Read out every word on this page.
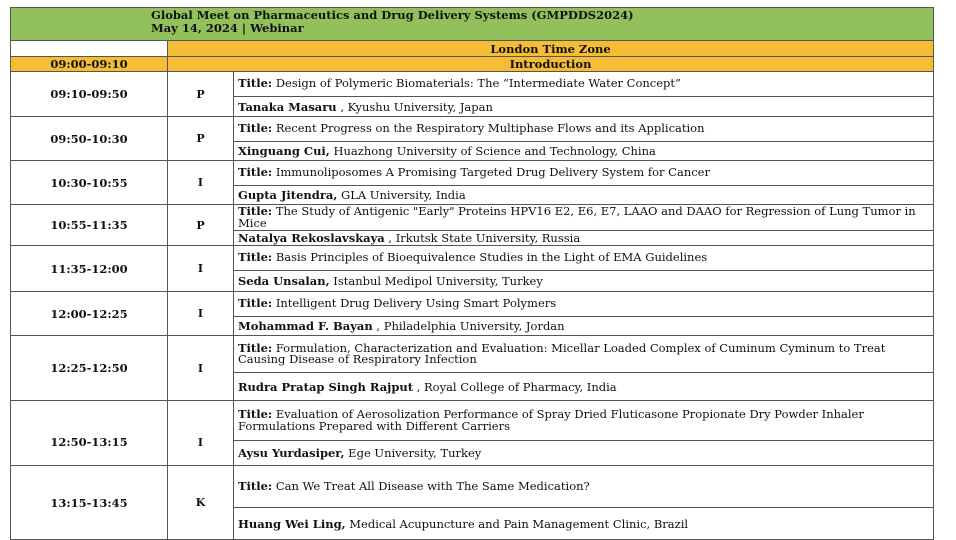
Global Meet on Pharmaceutics and Drug Delivery Systems (GMPDDS2024)
May 14, 2024 | Webinar		

	London Time Zone	
09:00-09:10	Introduction	
09:10-09:50	P	Title: Design of Polymeric Biomaterials: The “Intermediate Water Concept”
		Tanaka Masaru , Kyushu University, Japan
09:50-10:30	P	Title: Recent Progress on the Respiratory Multiphase Flows and its Application
		Xinguang Cui, Huazhong University of Science and Technology, China
10:30-10:55	I	Title: Immunoliposomes A Promising Targeted Drug Delivery System for Cancer
		Gupta Jitendra, GLA University, India
10:55-11:35	P	Title: The Study of Antigenic "Early" Proteins HPV16 E2, E6, E7, LAAO and DAAO for Regression of Lung Tumor in Mice
		Natalya Rekoslavskaya , Irkutsk State University, Russia
11:35-12:00	I	Title: Basis Principles of Bioequivalence Studies in the Light of EMA Guidelines
		Seda Unsalan, Istanbul Medipol University, Turkey
12:00-12:25	I	Title: Intelligent Drug Delivery Using Smart Polymers
		Mohammad F. Bayan , Philadelphia University, Jordan
12:25-12:50	I	Title: Formulation, Characterization and Evaluation: Micellar Loaded Complex of Cuminum Cyminum to Treat Causing Disease of Respiratory Infection
		Rudra Pratap Singh Rajput , Royal College of Pharmacy, India
12:50-13:15	I	Title: Evaluation of Aerosolization Performance of Spray Dried Fluticasone Propionate Dry Powder Inhaler Formulations Prepared with Different Carriers
		Aysu Yurdasiper, Ege University, Turkey
13:15-13:45	K	Title: Can We Treat All Disease with The Same Medication?
		Huang Wei Ling, Medical Acupuncture and Pain Management Clinic, Brazil
